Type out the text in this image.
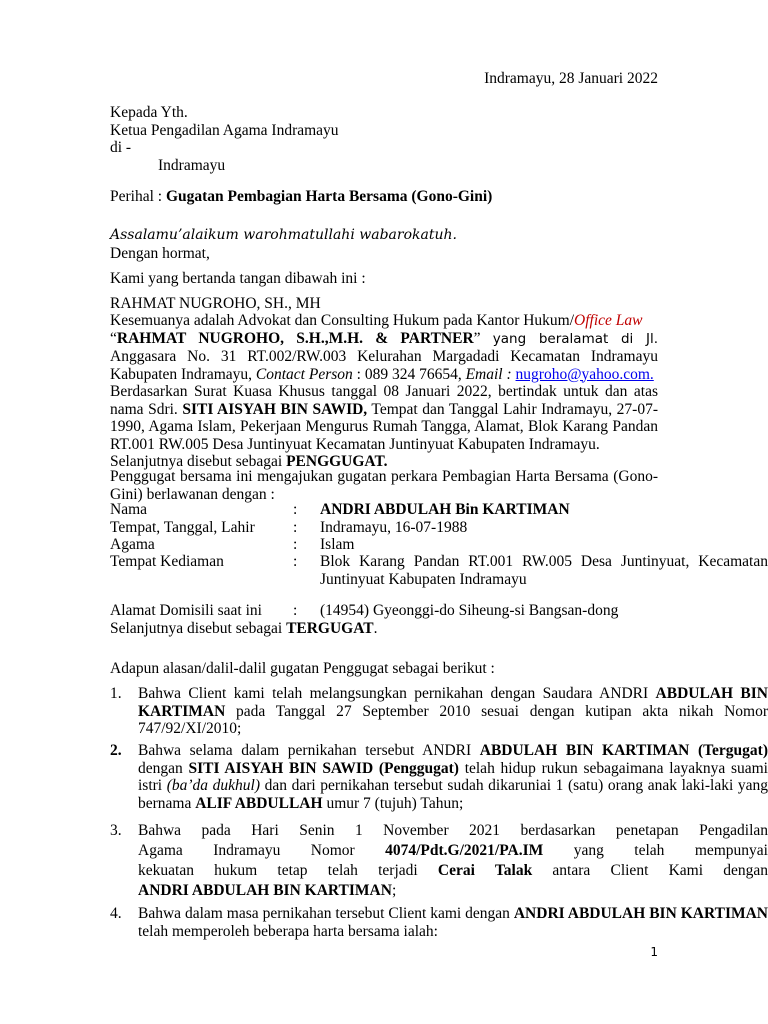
Indramayu, 28 Januari 2022
Kepada Yth.
Ketua Pengadilan Agama Indramayu
di -
Indramayu
Perihal : Gugatan Pembagian Harta Bersama (Gono-Gini)
Assalamu’alaikum warohmatullahi wabarokatuh.
Dengan hormat,
Kami yang bertanda tangan dibawah ini :
RAHMAT NUGROHO, SH., MH
Kesemuanya adalah Advokat dan Consulting Hukum pada Kantor Hukum/Office Law
“RAHMAT NUGROHO, S.H.,M.H. & PARTNER” yang beralamat di Jl. Anggasara No. 31 RT.002/RW.003 Kelurahan Margadadi Kecamatan Indramayu Kabupaten Indramayu, Contact Person : 089 324 76654, Email : nugroho@yahoo.com.
Berdasarkan Surat Kuasa Khusus tanggal 08 Januari 2022, bertindak untuk dan atas nama Sdri. SITI AISYAH BIN SAWID, Tempat dan Tanggal Lahir Indramayu, 27-07-1990, Agama Islam, Pekerjaan Mengurus Rumah Tangga, Alamat, Blok Karang Pandan RT.001 RW.005 Desa Juntinyuat Kecamatan Juntinyuat Kabupaten Indramayu.
Selanjutnya disebut sebagai PENGGUGAT.
Penggugat bersama ini mengajukan gugatan perkara Pembagian Harta Bersama (Gono-Gini) berlawanan dengan :
Nama	: ANDRI ABDULAH Bin KARTIMAN
Tempat, Tanggal, Lahir : Indramayu, 16-07-1988
Agama	: Islam
Tempat Kediaman	: Blok Karang Pandan RT.001 RW.005 Desa Juntinyuat, Kecamatan Juntinyuat Kabupaten Indramayu
Alamat Domisili saat ini : (14954) Gyeonggi-do Siheung-si Bangsan-dong
Selanjutnya disebut sebagai TERGUGAT.
Adapun alasan/dalil-dalil gugatan Penggugat sebagai berikut :
1. Bahwa Client kami telah melangsungkan pernikahan dengan Saudara ANDRI ABDULAH BIN KARTIMAN pada Tanggal 27 September 2010 sesuai dengan kutipan akta nikah Nomor 747/92/XI/2010;
2. Bahwa selama dalam pernikahan tersebut ANDRI ABDULAH BIN KARTIMAN (Tergugat) dengan SITI AISYAH BIN SAWID (Penggugat) telah hidup rukun sebagaimana layaknya suami istri (ba’da dukhul) dan dari pernikahan tersebut sudah dikaruniai 1 (satu) orang anak laki-laki yang bernama ALIF ABDULLAH umur 7 (tujuh) Tahun;
3. Bahwa pada Hari Senin 1 November 2021 berdasarkan penetapan Pengadilan
Agama Indramayu Nomor 4074/Pdt.G/2021/PA.IM yang telah mempunyai
kekuatan hukum tetap telah terjadi Cerai Talak antara Client Kami dengan
ANDRI ABDULAH BIN KARTIMAN;
4. Bahwa dalam masa pernikahan tersebut Client kami dengan ANDRI ABDULAH BIN KARTIMAN telah memperoleh beberapa harta bersama ialah:
1
